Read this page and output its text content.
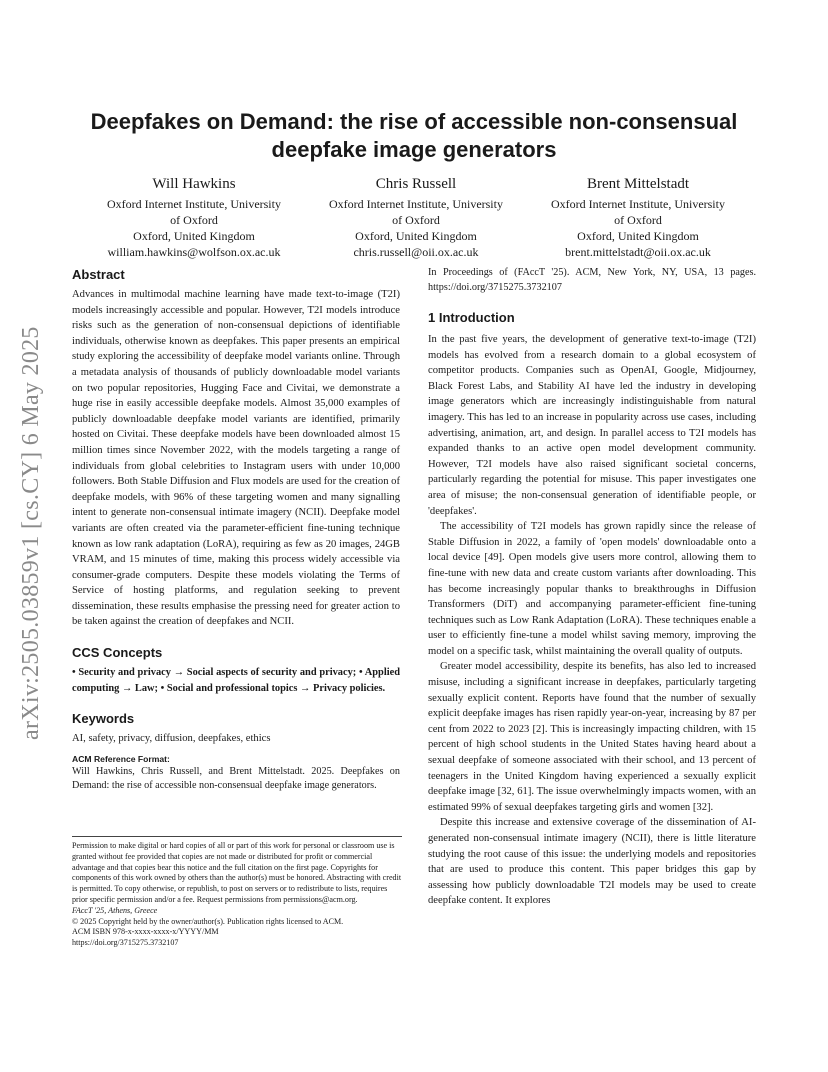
arXiv:2505.03859v1 [cs.CY] 6 May 2025
Deepfakes on Demand: the rise of accessible non-consensual deepfake image generators
Will Hawkins
Oxford Internet Institute, University
of Oxford
Oxford, United Kingdom
william.hawkins@wolfson.ox.ac.uk
Chris Russell
Oxford Internet Institute, University
of Oxford
Oxford, United Kingdom
chris.russell@oii.ox.ac.uk
Brent Mittelstadt
Oxford Internet Institute, University
of Oxford
Oxford, United Kingdom
brent.mittelstadt@oii.ox.ac.uk
Abstract

Advances in multimodal machine learning have made text-to-image (T2I) models increasingly accessible and popular. However, T2I models introduce risks such as the generation of non-consensual depictions of identifiable individuals, otherwise known as deepfakes. This paper presents an empirical study exploring the accessibility of deepfake model variants online. Through a metadata analysis of thousands of publicly downloadable model variants on two popular repositories, Hugging Face and Civitai, we demonstrate a huge rise in easily accessible deepfake models. Almost 35,000 examples of publicly downloadable deepfake model variants are identified, primarily hosted on Civitai. These deepfake models have been downloaded almost 15 million times since November 2022, with the models targeting a range of individuals from global celebrities to Instagram users with under 10,000 followers. Both Stable Diffusion and Flux models are used for the creation of deepfake models, with 96% of these targeting women and many signalling intent to generate non-consensual intimate imagery (NCII). Deepfake model variants are often created via the parameter-efficient fine-tuning technique known as low rank adaptation (LoRA), requiring as few as 20 images, 24GB VRAM, and 15 minutes of time, making this process widely accessible via consumer-grade computers. Despite these models violating the Terms of Service of hosting platforms, and regulation seeking to prevent dissemination, these results emphasise the pressing need for greater action to be taken against the creation of deepfakes and NCII.

CCS Concepts

• Security and privacy → Social aspects of security and privacy; • Applied computing → Law; • Social and professional topics → Privacy policies.

Keywords

AI, safety, privacy, diffusion, deepfakes, ethics

ACM Reference Format:

Will Hawkins, Chris Russell, and Brent Mittelstadt. 2025. Deepfakes on Demand: the rise of accessible non-consensual deepfake image generators.

Permission to make digital or hard copies of all or part of this work for personal or classroom use is granted without fee provided that copies are not made or distributed for profit or commercial advantage and that copies bear this notice and the full citation on the first page. Copyrights for components of this work owned by others than the author(s) must be honored. Abstracting with credit is permitted. To copy otherwise, or republish, to post on servers or to redistribute to lists, requires prior specific permission and/or a fee. Request permissions from permissions@acm.org.

FAccT '25, Athens, Greece

© 2025 Copyright held by the owner/author(s). Publication rights licensed to ACM.

ACM ISBN 978-x-xxxx-xxxx-x/YYYY/MM

https://doi.org/3715275.3732107

In Proceedings of (FAccT '25). ACM, New York, NY, USA, 13 pages. https://doi.org/3715275.3732107

1 Introduction

In the past five years, the development of generative text-to-image (T2I) models has evolved from a research domain to a global ecosystem of competitor products. Companies such as OpenAI, Google, Midjourney, Black Forest Labs, and Stability AI have led the industry in developing image generators which are increasingly indistinguishable from natural imagery. This has led to an increase in popularity across use cases, including advertising, animation, art, and design. In parallel access to T2I models has expanded thanks to an active open model development community. However, T2I models have also raised significant societal concerns, particularly regarding the potential for misuse. This paper investigates one area of misuse; the non-consensual generation of identifiable people, or 'deepfakes'.

The accessibility of T2I models has grown rapidly since the release of Stable Diffusion in 2022, a family of 'open models' downloadable onto a local device [49]. Open models give users more control, allowing them to fine-tune with new data and create custom variants after downloading. This has become increasingly popular thanks to breakthroughs in Diffusion Transformers (DiT) and accompanying parameter-efficient fine-tuning techniques such as Low Rank Adaptation (LoRA). These techniques enable a user to efficiently fine-tune a model whilst saving memory, improving the model on a specific task, whilst maintaining the overall quality of outputs.

Greater model accessibility, despite its benefits, has also led to increased misuse, including a significant increase in deepfakes, particularly targeting sexually explicit content. Reports have found that the number of sexually explicit deepfake images has risen rapidly year-on-year, increasing by 87 per cent from 2022 to 2023 [2]. This is increasingly impacting children, with 15 percent of high school students in the United States having heard about a sexual deepfake of someone associated with their school, and 13 percent of teenagers in the United Kingdom having experienced a sexually explicit deepfake image [32, 61]. The issue overwhelmingly impacts women, with an estimated 99% of sexual deepfakes targeting girls and women [32].

Despite this increase and extensive coverage of the dissemination of AI-generated non-consensual intimate imagery (NCII), there is little literature studying the root cause of this issue: the underlying models and repositories that are used to produce this content. This paper bridges this gap by assessing how publicly downloadable T2I models may be used to create deepfake content. It explores
